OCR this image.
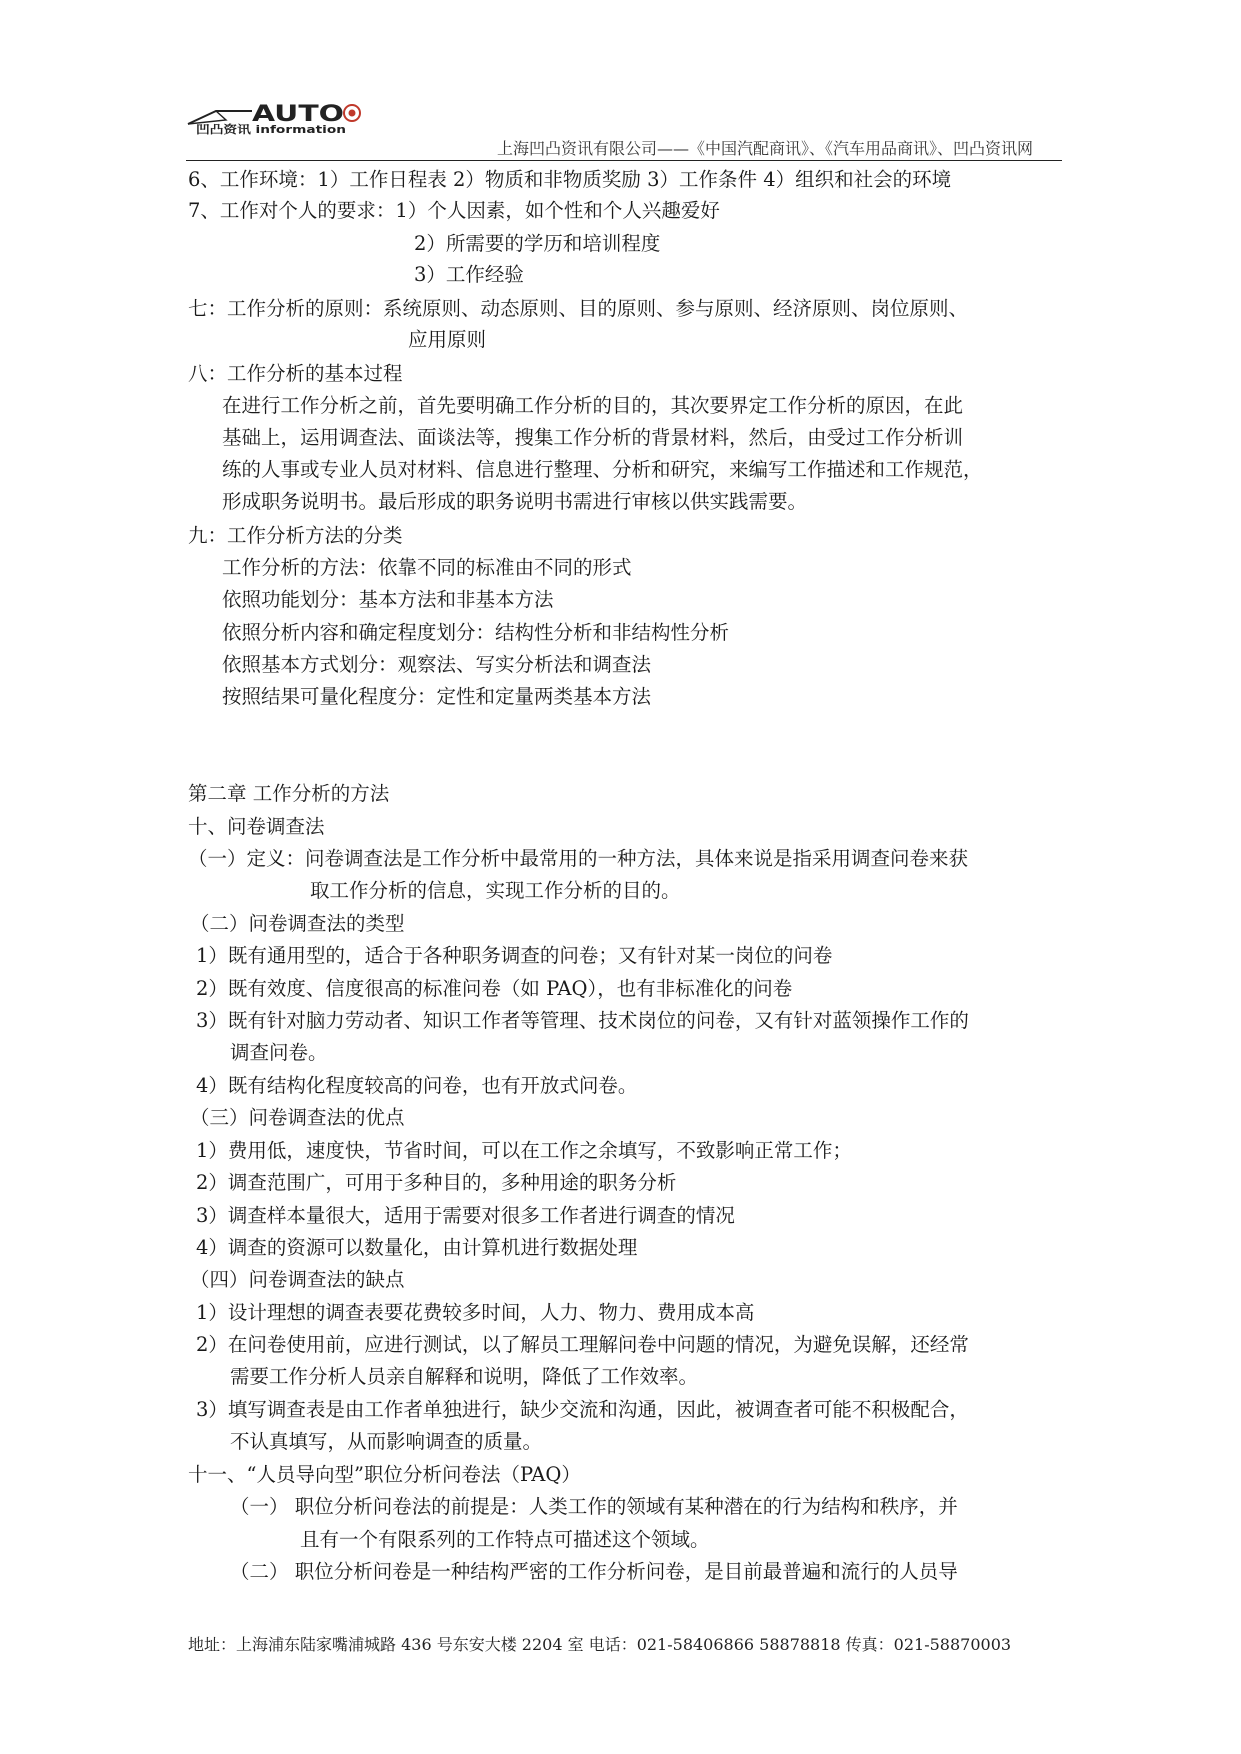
AUTO
凹凸资讯 information
上海凹凸资讯有限公司——《中国汽配商讯》、《汽车用品商讯》、凹凸资讯网
6、工作环境：1）工作日程表 2）物质和非物质奖励 3）工作条件 4）组织和社会的环境
7、工作对个人的要求：1）个人因素，如个性和个人兴趣爱好
2）所需要的学历和培训程度
3）工作经验
七：工作分析的原则：系统原则、动态原则、目的原则、参与原则、经济原则、岗位原则、
应用原则
八：工作分析的基本过程
在进行工作分析之前，首先要明确工作分析的目的，其次要界定工作分析的原因，在此
基础上，运用调查法、面谈法等，搜集工作分析的背景材料，然后，由受过工作分析训
练的人事或专业人员对材料、信息进行整理、分析和研究，来编写工作描述和工作规范，
形成职务说明书。最后形成的职务说明书需进行审核以供实践需要。
九：工作分析方法的分类
工作分析的方法：依靠不同的标准由不同的形式
依照功能划分：基本方法和非基本方法
依照分析内容和确定程度划分：结构性分析和非结构性分析
依照基本方式划分：观察法、写实分析法和调查法
按照结果可量化程度分：定性和定量两类基本方法
第二章 工作分析的方法
十、问卷调查法
（一）定义：问卷调查法是工作分析中最常用的一种方法，具体来说是指采用调查问卷来获
取工作分析的信息，实现工作分析的目的。
（二）问卷调查法的类型
1）既有通用型的，适合于各种职务调查的问卷；又有针对某一岗位的问卷
2）既有效度、信度很高的标准问卷（如 PAQ），也有非标准化的问卷
3）既有针对脑力劳动者、知识工作者等管理、技术岗位的问卷，又有针对蓝领操作工作的
调查问卷。
4）既有结构化程度较高的问卷，也有开放式问卷。
（三）问卷调查法的优点
1）费用低，速度快，节省时间，可以在工作之余填写，不致影响正常工作；
2）调查范围广，可用于多种目的，多种用途的职务分析
3）调查样本量很大，适用于需要对很多工作者进行调查的情况
4）调查的资源可以数量化，由计算机进行数据处理
（四）问卷调查法的缺点
1）设计理想的调查表要花费较多时间，人力、物力、费用成本高
2）在问卷使用前，应进行测试，以了解员工理解问卷中问题的情况，为避免误解，还经常
需要工作分析人员亲自解释和说明，降低了工作效率。
3）填写调查表是由工作者单独进行，缺少交流和沟通，因此，被调查者可能不积极配合，
不认真填写，从而影响调查的质量。
十一、“人员导向型”职位分析问卷法（PAQ）
（一） 职位分析问卷法的前提是：人类工作的领域有某种潜在的行为结构和秩序，并
且有一个有限系列的工作特点可描述这个领域。
（二） 职位分析问卷是一种结构严密的工作分析问卷，是目前最普遍和流行的人员导
地址：上海浦东陆家嘴浦城路 436 号东安大楼 2204 室 电话：021-58406866 58878818 传真：021-58870003
